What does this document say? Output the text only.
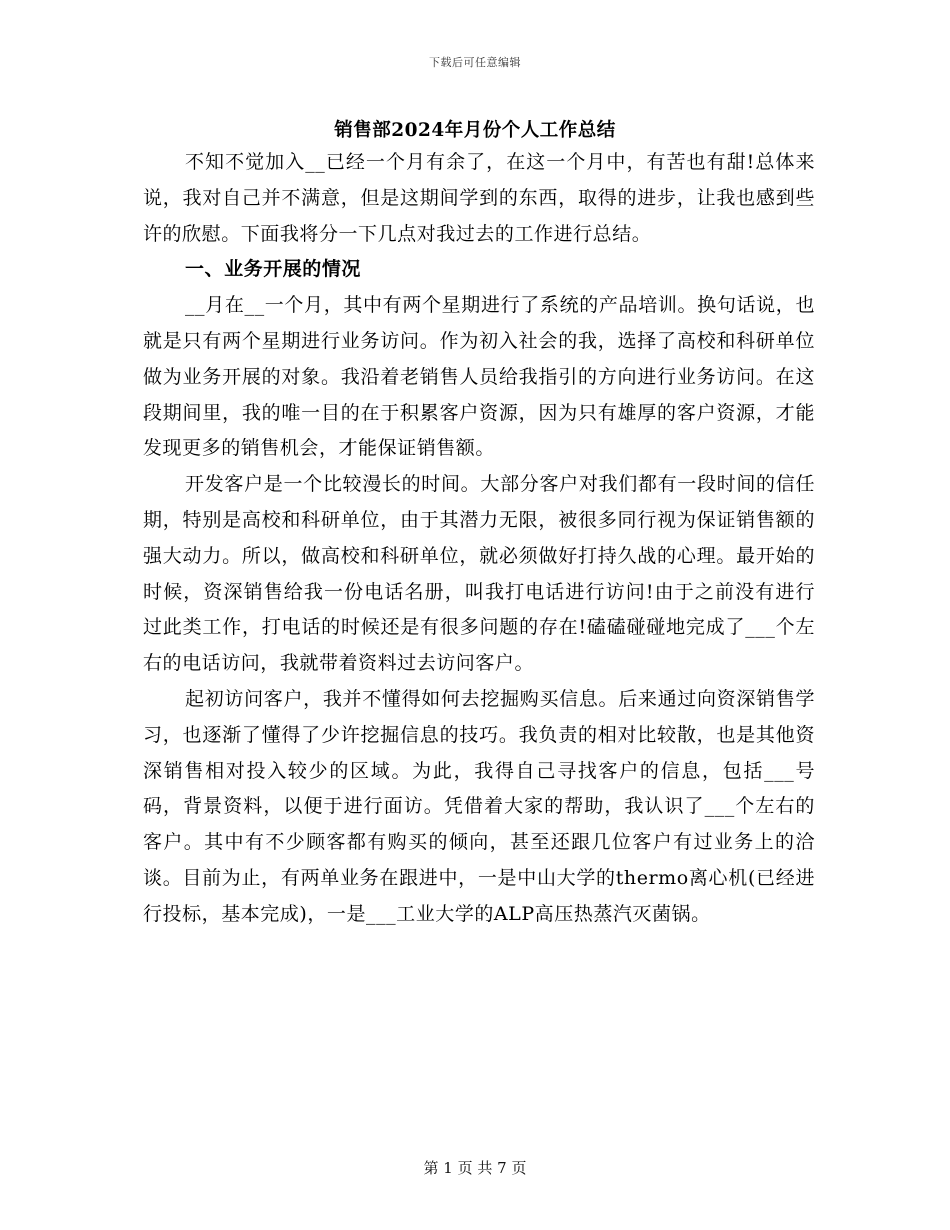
下载后可任意编辑
销售部2024年月份个人工作总结

不知不觉加入__已经一个月有余了，在这一个月中，有苦也有甜!总体来说，我对自己并不满意，但是这期间学到的东西，取得的进步，让我也感到些许的欣慰。下面我将分一下几点对我过去的工作进行总结。

一、业务开展的情况

__月在__一个月，其中有两个星期进行了系统的产品培训。换句话说，也就是只有两个星期进行业务访问。作为初入社会的我，选择了高校和科研单位做为业务开展的对象。我沿着老销售人员给我指引的方向进行业务访问。在这段期间里，我的唯一目的在于积累客户资源，因为只有雄厚的客户资源，才能发现更多的销售机会，才能保证销售额。

开发客户是一个比较漫长的时间。大部分客户对我们都有一段时间的信任期，特别是高校和科研单位，由于其潜力无限，被很多同行视为保证销售额的强大动力。所以，做高校和科研单位，就必须做好打持久战的心理。最开始的时候，资深销售给我一份电话名册，叫我打电话进行访问!由于之前没有进行过此类工作，打电话的时候还是有很多问题的存在!磕磕碰碰地完成了___个左右的电话访问，我就带着资料过去访问客户。

起初访问客户，我并不懂得如何去挖掘购买信息。后来通过向资深销售学习，也逐渐了懂得了少许挖掘信息的技巧。我负责的相对比较散，也是其他资深销售相对投入较少的区域。为此，我得自己寻找客户的信息，包括___号码，背景资料，以便于进行面访。凭借着大家的帮助，我认识了___个左右的客户。其中有不少顾客都有购买的倾向，甚至还跟几位客户有过业务上的洽谈。目前为止，有两单业务在跟进中，一是中山大学的thermo离心机(已经进行投标，基本完成)，一是___工业大学的ALP高压热蒸汽灭菌锅。

第 1 页 共 7 页
